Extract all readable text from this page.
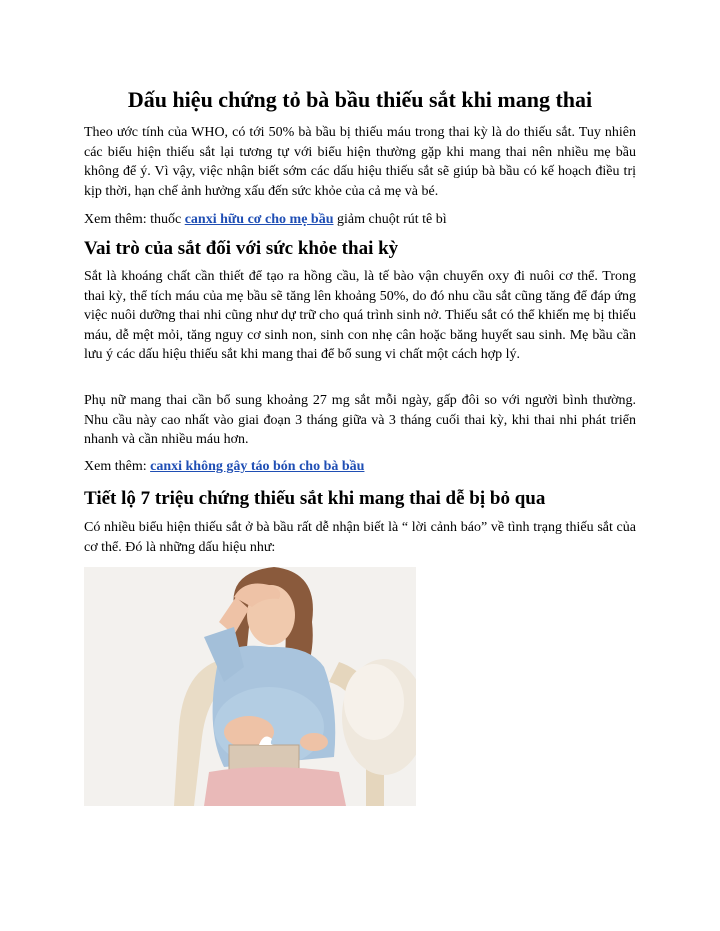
Dấu hiệu chứng tỏ bà bầu thiếu sắt khi mang thai

Theo ước tính của WHO, có tới 50% bà bầu bị thiếu máu trong thai kỳ là do thiếu sắt. Tuy nhiên các biểu hiện thiếu sắt lại tương tự với biểu hiện thường gặp khi mang thai nên nhiều mẹ bầu không để ý. Vì vậy, việc nhận biết sớm các dấu hiệu thiếu sắt sẽ giúp bà bầu có kế hoạch điều trị kịp thời, hạn chế ảnh hưởng xấu đến sức khỏe của cả mẹ và bé.

Xem thêm: thuốc canxi hữu cơ cho mẹ bầu giảm chuột rút tê bì

Vai trò của sắt đối với sức khỏe thai kỳ

Sắt là khoáng chất cần thiết để tạo ra hồng cầu, là tế bào vận chuyển oxy đi nuôi cơ thể. Trong thai kỳ, thể tích máu của mẹ bầu sẽ tăng lên khoảng 50%, do đó nhu cầu sắt cũng tăng để đáp ứng việc nuôi dưỡng thai nhi cũng như dự trữ cho quá trình sinh nở. Thiếu sắt có thể khiến mẹ bị thiếu máu, dễ mệt mỏi, tăng nguy cơ sinh non, sinh con nhẹ cân hoặc băng huyết sau sinh. Mẹ bầu cần lưu ý các dấu hiệu thiếu sắt khi mang thai để bổ sung vi chất một cách hợp lý.

Phụ nữ mang thai cần bổ sung khoảng 27 mg sắt mỗi ngày, gấp đôi so với người bình thường. Nhu cầu này cao nhất vào giai đoạn 3 tháng giữa và 3 tháng cuối thai kỳ, khi thai nhi phát triển nhanh và cần nhiều máu hơn.

Xem thêm: canxi không gây táo bón cho bà bầu

Tiết lộ 7 triệu chứng thiếu sắt khi mang thai dễ bị bỏ qua

Có nhiều biểu hiện thiếu sắt ở bà bầu rất dễ nhận biết là “ lời cảnh báo” về tình trạng thiếu sắt của cơ thể. Đó là những dấu hiệu như:
